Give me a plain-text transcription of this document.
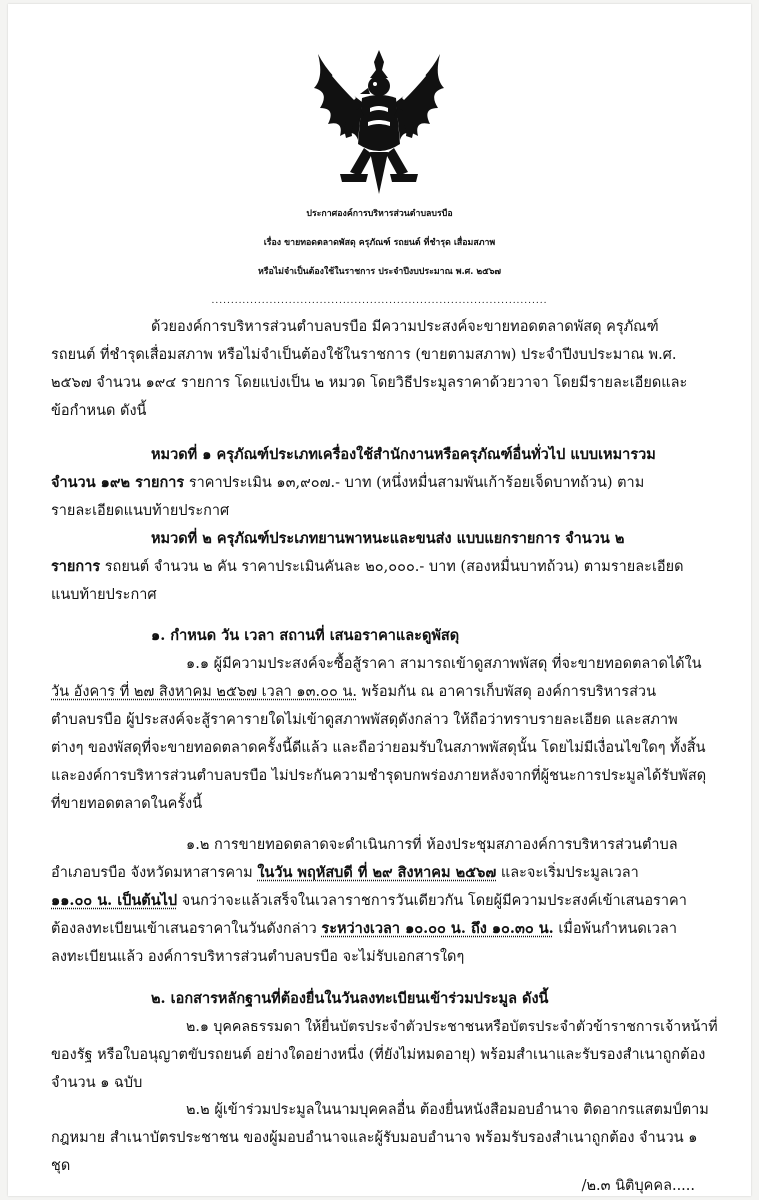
ประกาศองค์การบริหารส่วนตำบลบรบือ
เรื่อง ขายทอดตลาดพัสดุ ครุภัณฑ์ รถยนต์ ที่ชำรุด เสื่อมสภาพ
หรือไม่จำเป็นต้องใช้ในราชการ ประจำปีงบประมาณ พ.ศ. ๒๕๖๗
.......................................................................................
ด้วยองค์การบริหารส่วนตำบลบรบือ มีความประสงค์จะขายทอดตลาดพัสดุ ครุภัณฑ์
รถยนต์ ที่ชำรุดเสื่อมสภาพ หรือไม่จำเป็นต้องใช้ในราชการ (ขายตามสภาพ) ประจำปีงบประมาณ พ.ศ.
๒๕๖๗ จำนวน ๑๙๔ รายการ โดยแบ่งเป็น ๒ หมวด โดยวิธีประมูลราคาด้วยวาจา โดยมีรายละเอียดและ
ข้อกำหนด ดังนี้
หมวดที่ ๑ ครุภัณฑ์ประเภทเครื่องใช้สำนักงานหรือครุภัณฑ์อื่นทั่วไป แบบเหมารวม
จำนวน ๑๙๒ รายการ ราคาประเมิน ๑๓,๙๐๗.- บาท (หนึ่งหมื่นสามพันเก้าร้อยเจ็ดบาทถ้วน) ตาม
รายละเอียดแนบท้ายประกาศ
หมวดที่ ๒ ครุภัณฑ์ประเภทยานพาหนะและขนส่ง แบบแยกรายการ จำนวน ๒
รายการ รถยนต์ จำนวน ๒ คัน ราคาประเมินคันละ ๒๐,๐๐๐.- บาท (สองหมื่นบาทถ้วน) ตามรายละเอียด
แนบท้ายประกาศ
๑. กำหนด วัน เวลา สถานที่ เสนอราคาและดูพัสดุ
๑.๑ ผู้มีความประสงค์จะซื้อสู้ราคา สามารถเข้าดูสภาพพัสดุ ที่จะขายทอดตลาดได้ใน
วัน อังคาร ที่ ๒๗ สิงหาคม ๒๕๖๗ เวลา ๑๓.๐๐ น. พร้อมกัน ณ อาคารเก็บพัสดุ องค์การบริหารส่วน
ตำบลบรบือ ผู้ประสงค์จะสู้ราคารายใดไม่เข้าดูสภาพพัสดุดังกล่าว ให้ถือว่าทราบรายละเอียด และสภาพ
ต่างๆ ของพัสดุที่จะขายทอดตลาดครั้งนี้ดีแล้ว และถือว่ายอมรับในสภาพพัสดุนั้น โดยไม่มีเงื่อนไขใดๆ ทั้งสิ้น
และองค์การบริหารส่วนตำบลบรบือ ไม่ประกันความชำรุดบกพร่องภายหลังจากที่ผู้ชนะการประมูลได้รับพัสดุ
ที่ขายทอดตลาดในครั้งนี้
๑.๒ การขายทอดตลาดจะดำเนินการที่ ห้องประชุมสภาองค์การบริหารส่วนตำบล
อำเภอบรบือ จังหวัดมหาสารคาม ในวัน พฤหัสบดี ที่ ๒๙ สิงหาคม ๒๕๖๗ และจะเริ่มประมูลเวลา
๑๑.๐๐ น. เป็นต้นไป จนกว่าจะแล้วเสร็จในเวลาราชการวันเดียวกัน โดยผู้มีความประสงค์เข้าเสนอราคา
ต้องลงทะเบียนเข้าเสนอราคาในวันดังกล่าว ระหว่างเวลา ๑๐.๐๐ น. ถึง ๑๐.๓๐ น. เมื่อพ้นกำหนดเวลา
ลงทะเบียนแล้ว องค์การบริหารส่วนตำบลบรบือ จะไม่รับเอกสารใดๆ
๒. เอกสารหลักฐานที่ต้องยื่นในวันลงทะเบียนเข้าร่วมประมูล ดังนี้
๒.๑ บุคคลธรรมดา ให้ยื่นบัตรประจำตัวประชาชนหรือบัตรประจำตัวข้าราชการเจ้าหน้าที่
ของรัฐ หรือใบอนุญาตขับรถยนต์ อย่างใดอย่างหนึ่ง (ที่ยังไม่หมดอายุ) พร้อมสำเนาและรับรองสำเนาถูกต้อง
จำนวน ๑ ฉบับ
๒.๒ ผู้เข้าร่วมประมูลในนามบุคคลอื่น ต้องยื่นหนังสือมอบอำนาจ ติดอากรแสตมป์ตาม
กฎหมาย สำเนาบัตรประชาชน ของผู้มอบอำนาจและผู้รับมอบอำนาจ พร้อมรับรองสำเนาถูกต้อง จำนวน ๑
ชุด
/๒.๓ นิติบุคคล.....
